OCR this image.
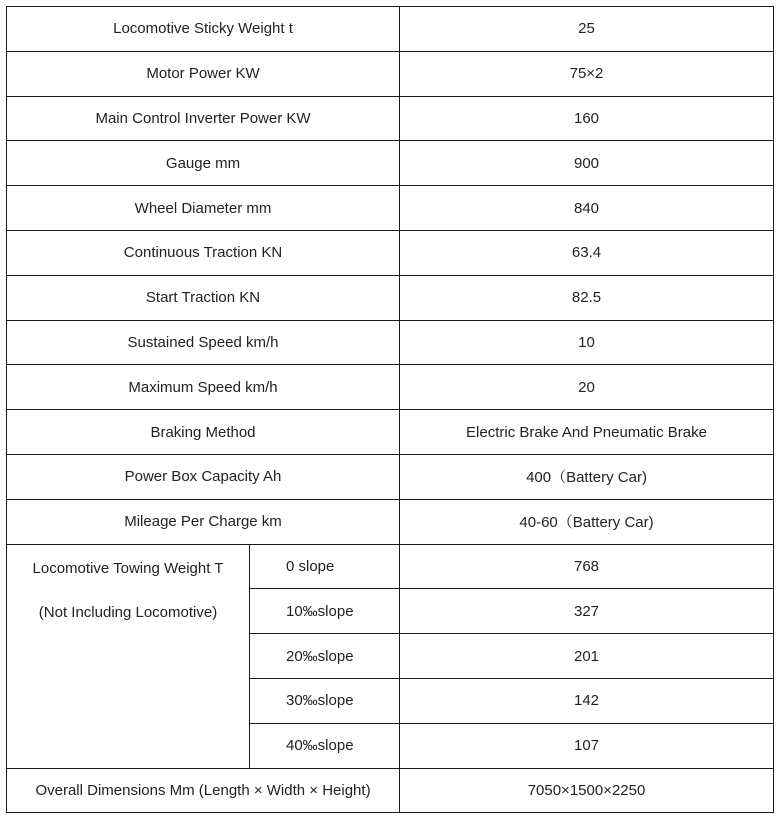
Locomotive Sticky Weight t		25
Motor Power KW		75×2
Main Control Inverter Power KW		160
Gauge mm		900
Wheel Diameter mm		840
Continuous Traction KN		63.4
Start Traction KN		82.5
Sustained Speed km/h		10
Maximum Speed km/h		20
Braking Method		Electric Brake And Pneumatic Brake
Power Box Capacity Ah		400（Battery Car)
Mileage Per Charge km		40-60（Battery Car)

Locomotive Towing Weight T
(Not Including Locomotive)	0 slope	768
	10‰slope	327
	20‰slope	201
	30‰slope	142
	40‰slope	107
Overall Dimensions Mm (Length × Width × Height)		7050×1500×2250
